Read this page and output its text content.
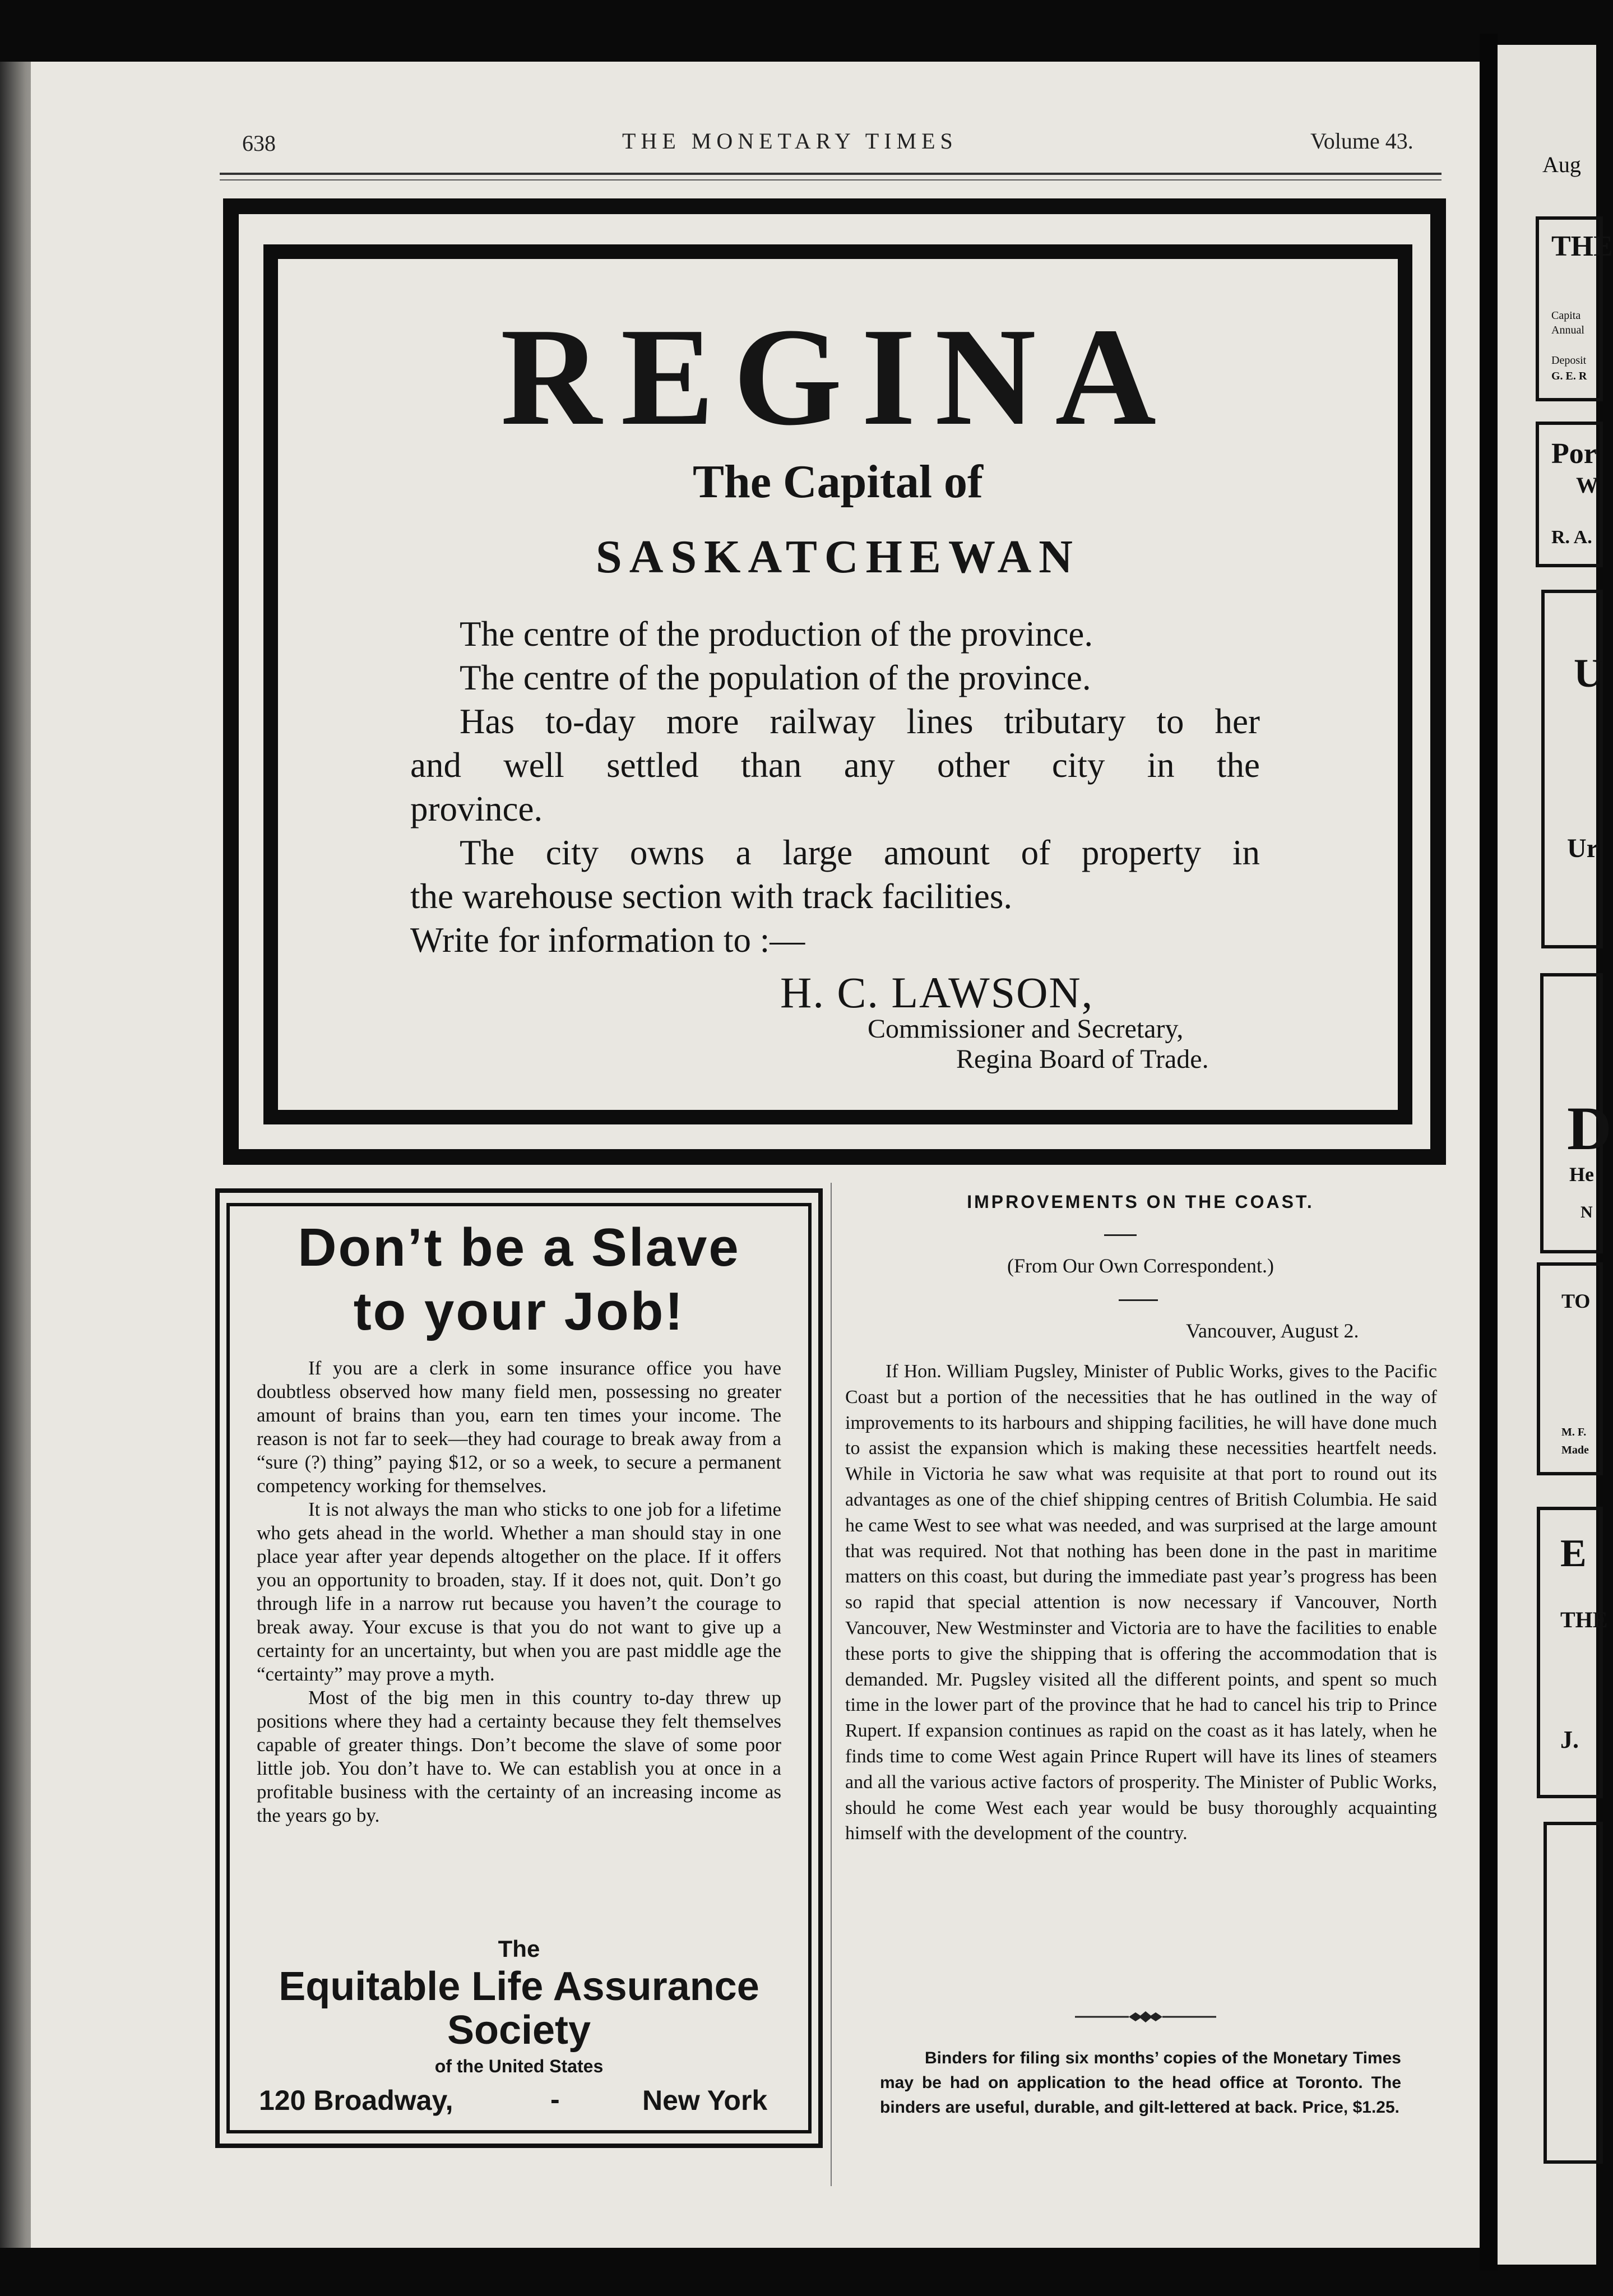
638	THE MONETARY TIMES	Volume 43.
REGINA
The Capital of
SASKATCHEWAN
The centre of the production of the province.
The centre of the population of the province.
Has to-day more railway lines tributary to her
and well settled than any other city in the
province.
The city owns a large amount of property in
the warehouse section with track facilities.
Write for information to :—
H. C. LAWSON,
Commissioner and Secretary,
Regina Board of Trade.
Don’t be a Slave
to your Job!

If you are a clerk in some insurance office you have doubtless observed how many field men, possessing no greater amount of brains than you, earn ten times your income. The reason is not far to seek—they had courage to break away from a “sure (?) thing” paying $12, or so a week, to secure a permanent competency working for themselves.

It is not always the man who sticks to one job for a lifetime who gets ahead in the world. Whether a man should stay in one place year after year depends altogether on the place. If it offers you an opportunity to broaden, stay. If it does not, quit. Don’t go through life in a narrow rut because you haven’t the courage to break away. Your excuse is that you do not want to give up a certainty for an uncertainty, but when you are past middle age the “certainty” may prove a myth.

Most of the big men in this country to-day threw up positions where they had a certainty because they felt themselves capable of greater things. Don’t become the slave of some poor little job. You don’t have to. We can establish you at once in a profitable business with the certainty of an increasing income as the years go by.

The
Equitable Life Assurance
Society
of the United States
120 Broadway,	-	New York
IMPROVEMENTS ON THE COAST.
(From Our Own Correspondent.)
Vancouver, August 2.

If Hon. William Pugsley, Minister of Public Works, gives to the Pacific Coast but a portion of the necessities that he has outlined in the way of improvements to its harbours and shipping facilities, he will have done much to assist the expansion which is making these necessities heartfelt needs. While in Victoria he saw what was requisite at that port to round out its advantages as one of the chief shipping centres of British Columbia. He said he came West to see what was needed, and was surprised at the large amount that was required. Not that nothing has been done in the past in maritime matters on this coast, but during the immediate past year’s progress has been so rapid that special attention is now necessary if Vancouver, North Vancouver, New Westminster and Victoria are to have the facilities to enable these ports to give the shipping that is offering the accommodation that is demanded. Mr. Pugsley visited all the different points, and spent so much time in the lower part of the province that he had to cancel his trip to Prince Rupert. If expansion continues as rapid on the coast as it has lately, when he finds time to come West again Prince Rupert will have its lines of steamers and all the various active factors of prosperity. The Minister of Public Works, should he come West each year would be busy thoroughly acquainting himself with the development of the country.

Binders for filing six months’ copies of the Monetary Times may be had on application to the head office at Toronto. The binders are useful, durable, and gilt-lettered at back. Price, $1.25.

Aug
THE
Capita
Annual
Deposit
G. E. R
Por
W
R. A.
U
Ur
D
He
N
TO
M. F.
Made
E
THE
J.
